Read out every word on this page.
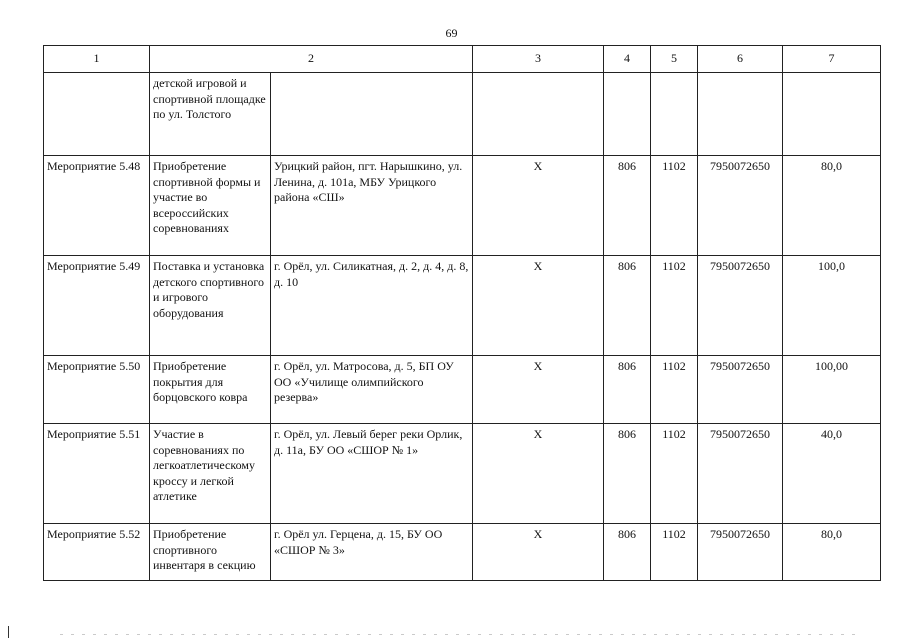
69
1	2		3	4	5	6	7

	детской игровой и спортивной площадке по ул. Толстого						

Мероприятие 5.48	Приобретение спортивной формы и участие во всероссийских соревнованиях	Урицкий район, пгт. Нарышкино, ул. Ленина, д. 101а, МБУ Урицкого района «СШ»	X	806	1102	7950072650	80,0

Мероприятие 5.49	Поставка и установка детского спортивного и игрового оборудования	г. Орёл, ул. Силикатная, д. 2, д. 4, д. 8, д. 10	X	806	1102	7950072650	100,0

Мероприятие 5.50	Приобретение покрытия для борцовского ковра	г. Орёл, ул. Матросова, д. 5, БП ОУ ОО «Училище олимпийского резерва»	X	806	1102	7950072650	100,00

Мероприятие 5.51	Участие в соревнованиях по легкоатлетическому кроссу и легкой атлетике	г. Орёл, ул. Левый берег реки Орлик, д. 11а, БУ ОО «СШОР № 1»	X	806	1102	7950072650	40,0

Мероприятие 5.52	Приобретение спортивного инвентаря в секцию	г. Орёл ул. Герцена, д. 15, БУ ОО «СШОР № 3»	X	806	1102	7950072650	80,0
